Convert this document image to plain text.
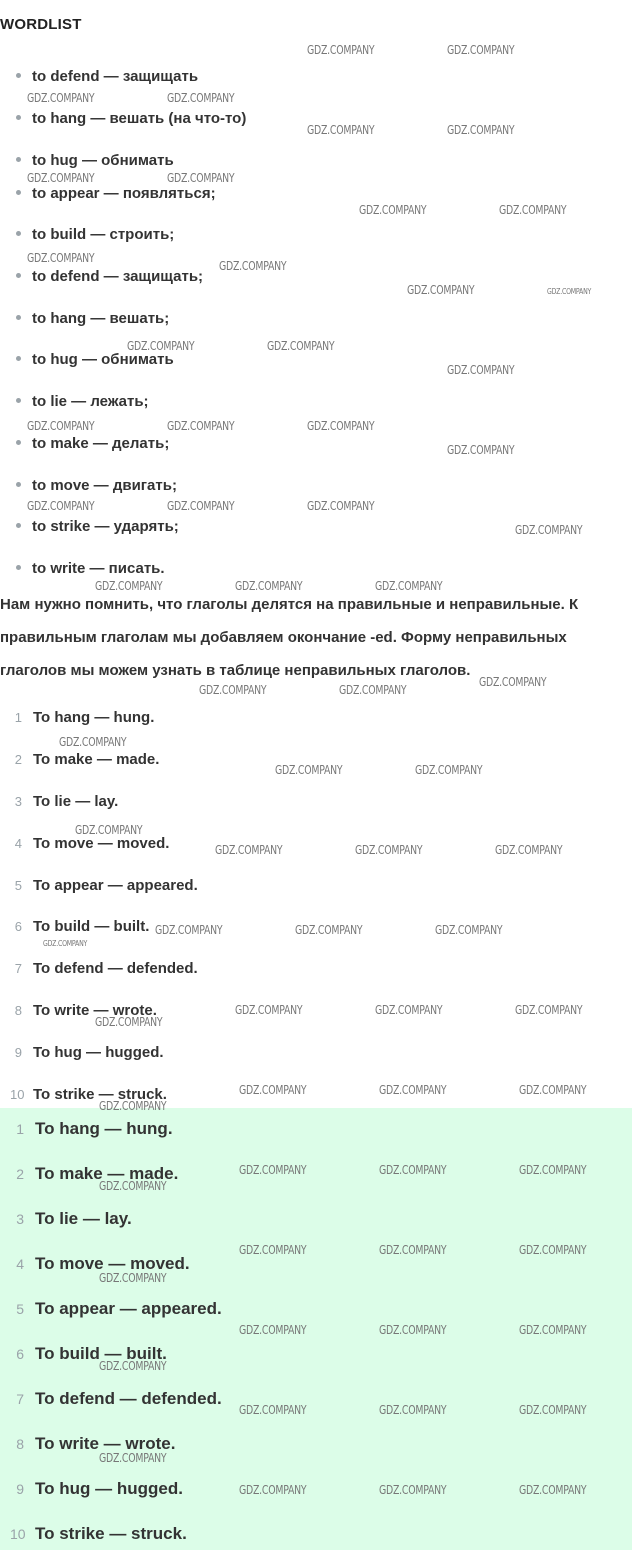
WORDLIST
to defend — защищать
to hang — вешать (на что-то)
to hug — обнимать
to appear — появляться;
to build — строить;
to defend — защищать;
to hang — вешать;
to hug — обнимать
to lie — лежать;
to make — делать;
to move — двигать;
to strike — ударять;
to write — писать.
Нам нужно помнить, что глаголы делятся на правильные и неправильные. К правильным глаголам мы добавляем окончание -ed. Форму неправильных глаголов мы можем узнать в таблице неправильных глаголов.
1 To hang — hung.
2 To make — made.
3 To lie — lay.
4 To move — moved.
5 To appear — appeared.
6 To build — built.
7 To defend — defended.
8 To write — wrote.
9 To hug — hugged.
10 To strike — struck.
1 To hang — hung.
2 To make — made.
3 To lie — lay.
4 To move — moved.
5 To appear — appeared.
6 To build — built.
7 To defend — defended.
8 To write — wrote.
9 To hug — hugged.
10 To strike — struck.
GDZ.COMPANY	GDZ.COMPANY
GDZ.COMPANY	GDZ.COMPANY
GDZ.COMPANY	GDZ.COMPANY
GDZ.COMPANY	GDZ.COMPANY
GDZ.COMPANY	GDZ.COMPANY
GDZ.COMPANY
GDZ.COMPANY
GDZ.COMPANY	GDZ.COMPANY
GDZ.COMPANY	GDZ.COMPANY
GDZ.COMPANY
GDZ.COMPANY	GDZ.COMPANY	GDZ.COMPANY
GDZ.COMPANY
GDZ.COMPANY	GDZ.COMPANY	GDZ.COMPANY
GDZ.COMPANY
GDZ.COMPANY	GDZ.COMPANY	GDZ.COMPANY
GDZ.COMPANY	GDZ.COMPANY
GDZ.COMPANY
GDZ.COMPANY
GDZ.COMPANY	GDZ.COMPANY
GDZ.COMPANY
GDZ.COMPANY	GDZ.COMPANY	GDZ.COMPANY
GDZ.COMPANY	GDZ.COMPANY	GDZ.COMPANY
GDZ.COMPANY
GDZ.COMPANY	GDZ.COMPANY	GDZ.COMPANY
GDZ.COMPANY
GDZ.COMPANY	GDZ.COMPANY	GDZ.COMPANY
GDZ.COMPANY
GDZ.COMPANY	GDZ.COMPANY	GDZ.COMPANY
GDZ.COMPANY
GDZ.COMPANY	GDZ.COMPANY	GDZ.COMPANY
GDZ.COMPANY
GDZ.COMPANY	GDZ.COMPANY	GDZ.COMPANY
GDZ.COMPANY
GDZ.COMPANY	GDZ.COMPANY	GDZ.COMPANY
GDZ.COMPANY
GDZ.COMPANY	GDZ.COMPANY	GDZ.COMPANY
